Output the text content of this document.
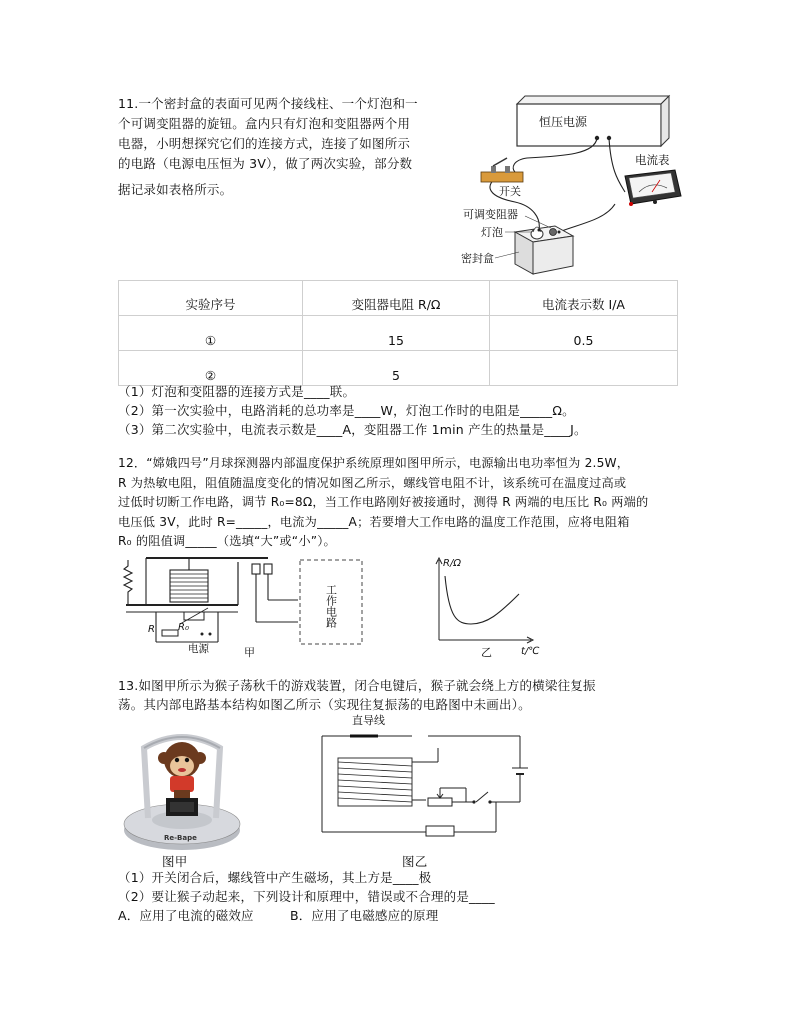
11.一个密封盒的表面可见两个接线柱、一个灯泡和一
个可调变阻器的旋钮。盒内只有灯泡和变阻器两个用
电器，小明想探究它们的连接方式，连接了如图所示
的电路（电源电压恒为 3V），做了两次实验，部分数
据记录如表格所示。
恒压电源
开关
电流表
可调变阻器
灯泡
密封盒
实验序号	变阻器电阻 R/Ω	电流表示数 I/A
①	15	0.5
②	5	
（1）灯泡和变阻器的连接方式是____联。
（2）第一次实验中，电路消耗的总功率是____W，灯泡工作时的电阻是_____Ω。
（3）第二次实验中，电流表示数是____A，变阻器工作 1min 产生的热量是____J。
12．“嫦娥四号”月球探测器内部温度保护系统原理如图甲所示，电源输出电功率恒为 2.5W，
R 为热敏电阻，阻值随温度变化的情况如图乙所示，螺线管电阻不计，该系统可在温度过高或
过低时切断工作电路，调节 R₀=8Ω，当工作电路刚好被接通时，测得 R 两端的电压比 R₀ 两端的
电压低 3V，此时 R=_____，电流为_____A；若要增大工作电路的温度工作范围，应将电阻箱
R₀ 的阻值调_____（选填“大”或“小”）。
R R₀
电源	甲
工作电路
R/Ω
t/℃
乙
13.如图甲所示为猴子荡秋千的游戏装置，闭合电键后，猴子就会绕上方的横梁往复振
荡。其内部电路基本结构如图乙所示（实现往复振荡的电路图中未画出）。
Re-Bape
图甲
直导线
图乙
（1）开关闭合后，螺线管中产生磁场，其上方是____极
（2）要让猴子动起来，下列设计和原理中，错误或不合理的是____
A．应用了电流的磁效应	B．应用了电磁感应的原理
